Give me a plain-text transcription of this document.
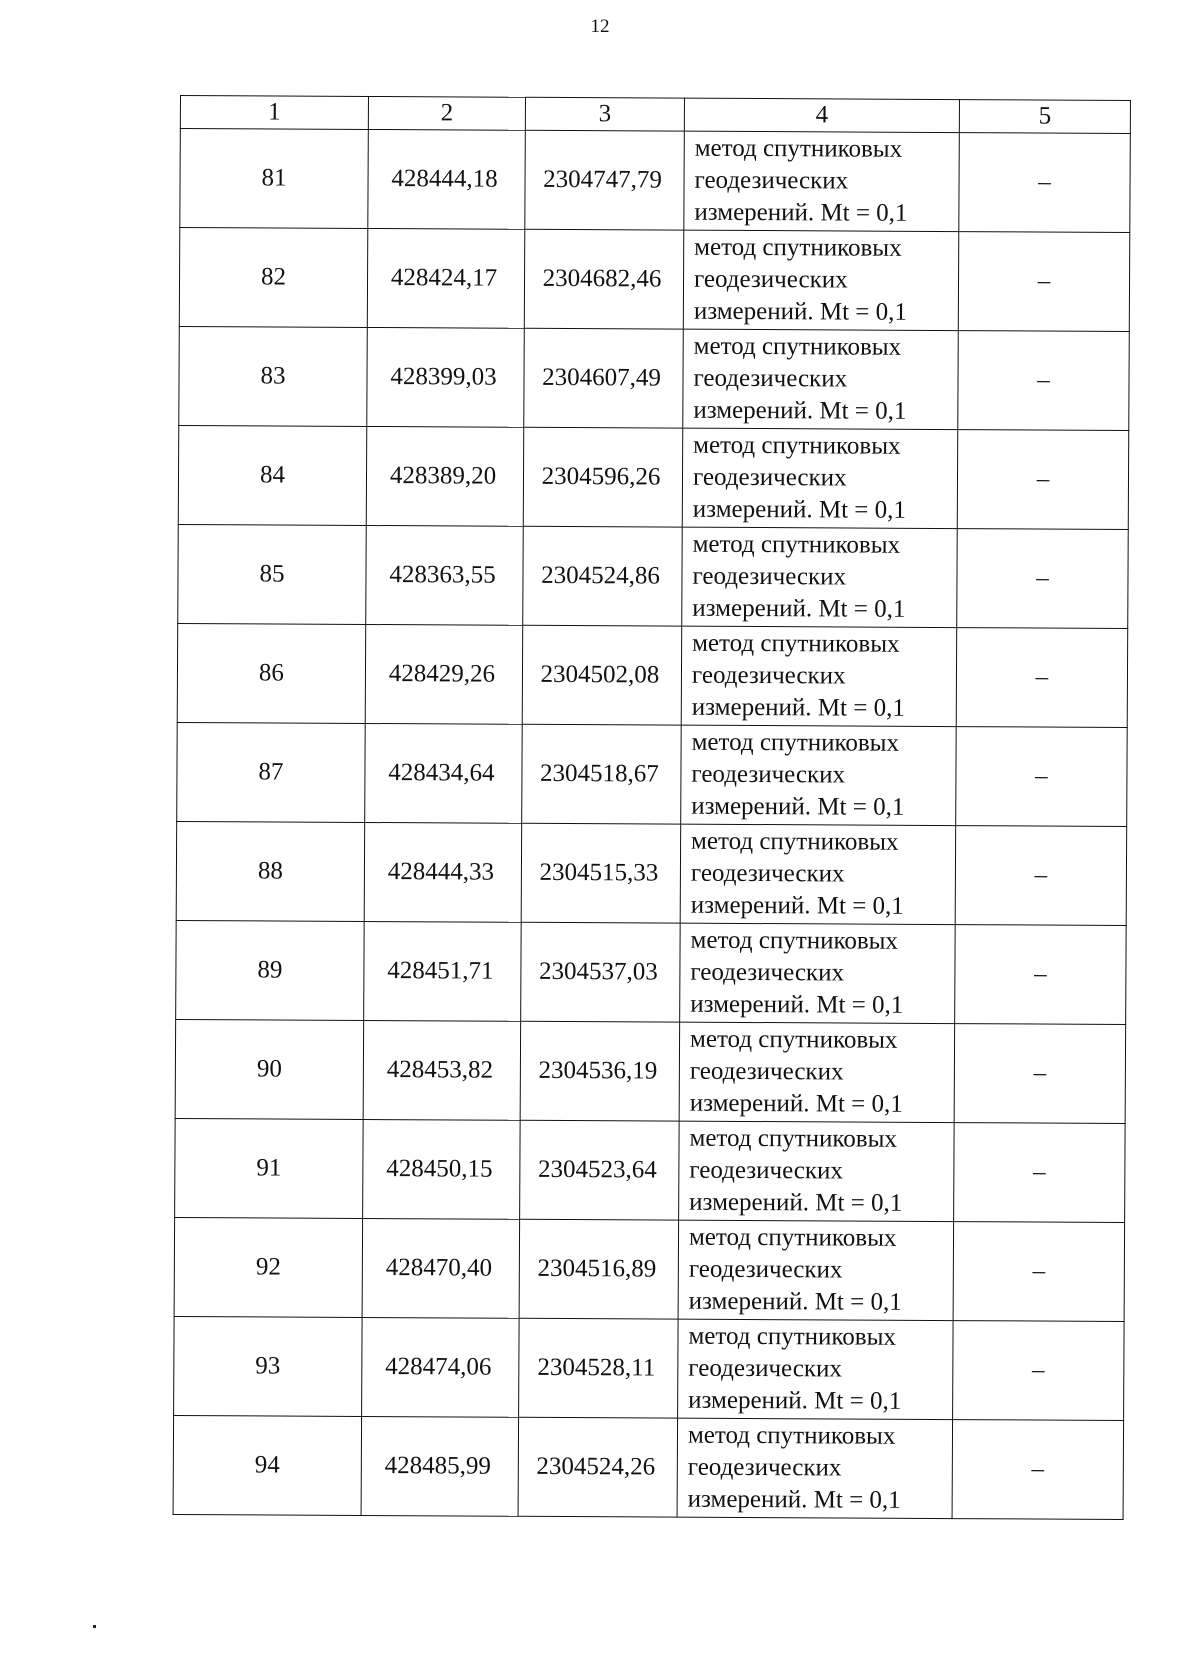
12
1	2	3	4	5
81	428444,18	2304747,79	метод спутниковых
геодезических
измерений. Mt = 0,1	–
82	428424,17	2304682,46	метод спутниковых
геодезических
измерений. Mt = 0,1	–
83	428399,03	2304607,49	метод спутниковых
геодезических
измерений. Mt = 0,1	–
84	428389,20	2304596,26	метод спутниковых
геодезических
измерений. Mt = 0,1	–
85	428363,55	2304524,86	метод спутниковых
геодезических
измерений. Mt = 0,1	–
86	428429,26	2304502,08	метод спутниковых
геодезических
измерений. Mt = 0,1	–
87	428434,64	2304518,67	метод спутниковых
геодезических
измерений. Mt = 0,1	–
88	428444,33	2304515,33	метод спутниковых
геодезических
измерений. Mt = 0,1	–
89	428451,71	2304537,03	метод спутниковых
геодезических
измерений. Mt = 0,1	–
90	428453,82	2304536,19	метод спутниковых
геодезических
измерений. Mt = 0,1	–
91	428450,15	2304523,64	метод спутниковых
геодезических
измерений. Mt = 0,1	–
92	428470,40	2304516,89	метод спутниковых
геодезических
измерений. Mt = 0,1	–
93	428474,06	2304528,11	метод спутниковых
геодезических
измерений. Mt = 0,1	–
94	428485,99	2304524,26	метод спутниковых
геодезических
измерений. Mt = 0,1	–
